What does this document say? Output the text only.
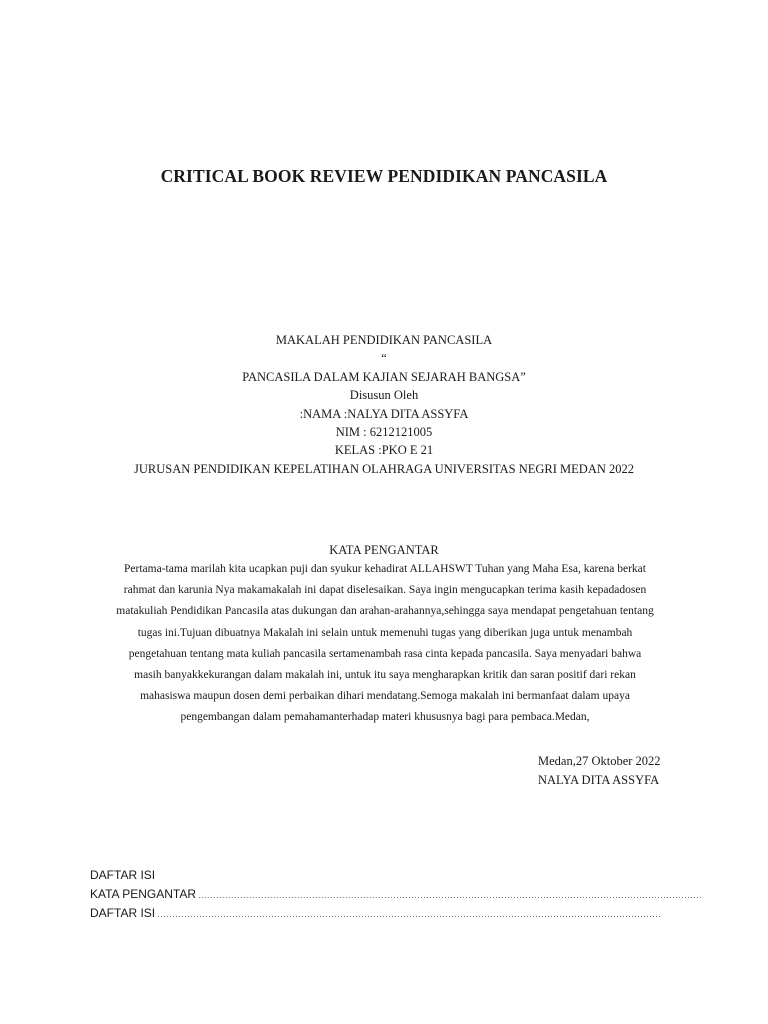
CRITICAL BOOK REVIEW PENDIDIKAN PANCASILA
MAKALAH PENDIDIKAN PANCASILA
“
PANCASILA DALAM KAJIAN SEJARAH BANGSA”
Disusun Oleh
:NAMA :NALYA DITA ASSYFA
NIM : 6212121005
KELAS :PKO E 21
JURUSAN PENDIDIKAN KEPELATIHAN OLAHRAGA UNIVERSITAS NEGRI MEDAN 2022
KATA PENGANTAR
Pertama-tama marilah kita ucapkan puji dan syukur kehadirat ALLAHSWT Tuhan yang Maha Esa, karena berkat
rahmat dan karunia Nya makamakalah ini dapat diselesaikan. Saya ingin mengucapkan terima kasih kepadadosen
matakuliah Pendidikan Pancasila atas dukungan dan arahan-arahannya,sehingga saya mendapat pengetahuan tentang
tugas ini.Tujuan dibuatnya Makalah ini selain untuk memenuhi tugas yang diberikan juga untuk menambah
pengetahuan tentang mata kuliah pancasila sertamenambah rasa cinta kepada pancasila. Saya menyadari bahwa
masih banyakkekurangan dalam makalah ini, untuk itu saya mengharapkan kritik dan saran positif dari rekan
mahasiswa maupun dosen demi perbaikan dihari mendatang.Semoga makalah ini bermanfaat dalam upaya
pengembangan dalam pemahamanterhadap materi khususnya bagi para pembaca.Medan,
Medan,27 Oktober 2022
NALYA DITA ASSYFA
DAFTAR ISI
KATA PENGANTAR ........................................................................................................................................................................
DAFTAR ISI ........................................................................................................................................................................
